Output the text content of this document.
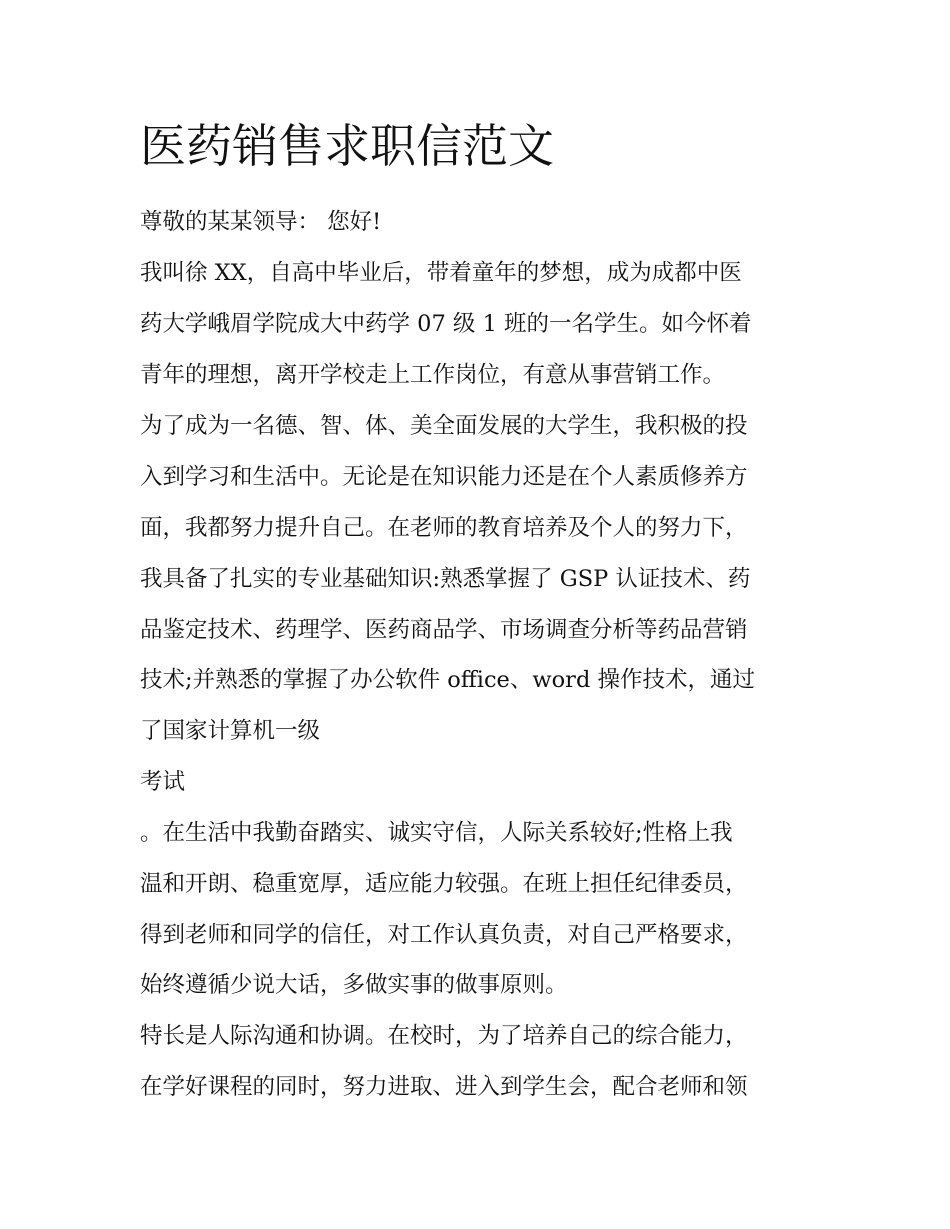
医药销售求职信范文

尊敬的某某领导： 您好!

我叫徐 XX，自高中毕业后，带着童年的梦想，成为成都中医

药大学峨眉学院成大中药学 07 级 1 班的一名学生。如今怀着

青年的理想，离开学校走上工作岗位，有意从事营销工作。

为了成为一名德、智、体、美全面发展的大学生，我积极的投

入到学习和生活中。无论是在知识能力还是在个人素质修养方

面，我都努力提升自己。在老师的教育培养及个人的努力下，

我具备了扎实的专业基础知识:熟悉掌握了 GSP 认证技术、药

品鉴定技术、药理学、医药商品学、市场调查分析等药品营销

技术;并熟悉的掌握了办公软件 office、word 操作技术，通过

了国家计算机一级

考试

。在生活中我勤奋踏实、诚实守信，人际关系较好;性格上我

温和开朗、稳重宽厚，适应能力较强。在班上担任纪律委员，

得到老师和同学的信任，对工作认真负责，对自己严格要求，

始终遵循少说大话，多做实事的做事原则。

特长是人际沟通和协调。在校时，为了培养自己的综合能力，

在学好课程的同时，努力进取、进入到学生会，配合老师和领
